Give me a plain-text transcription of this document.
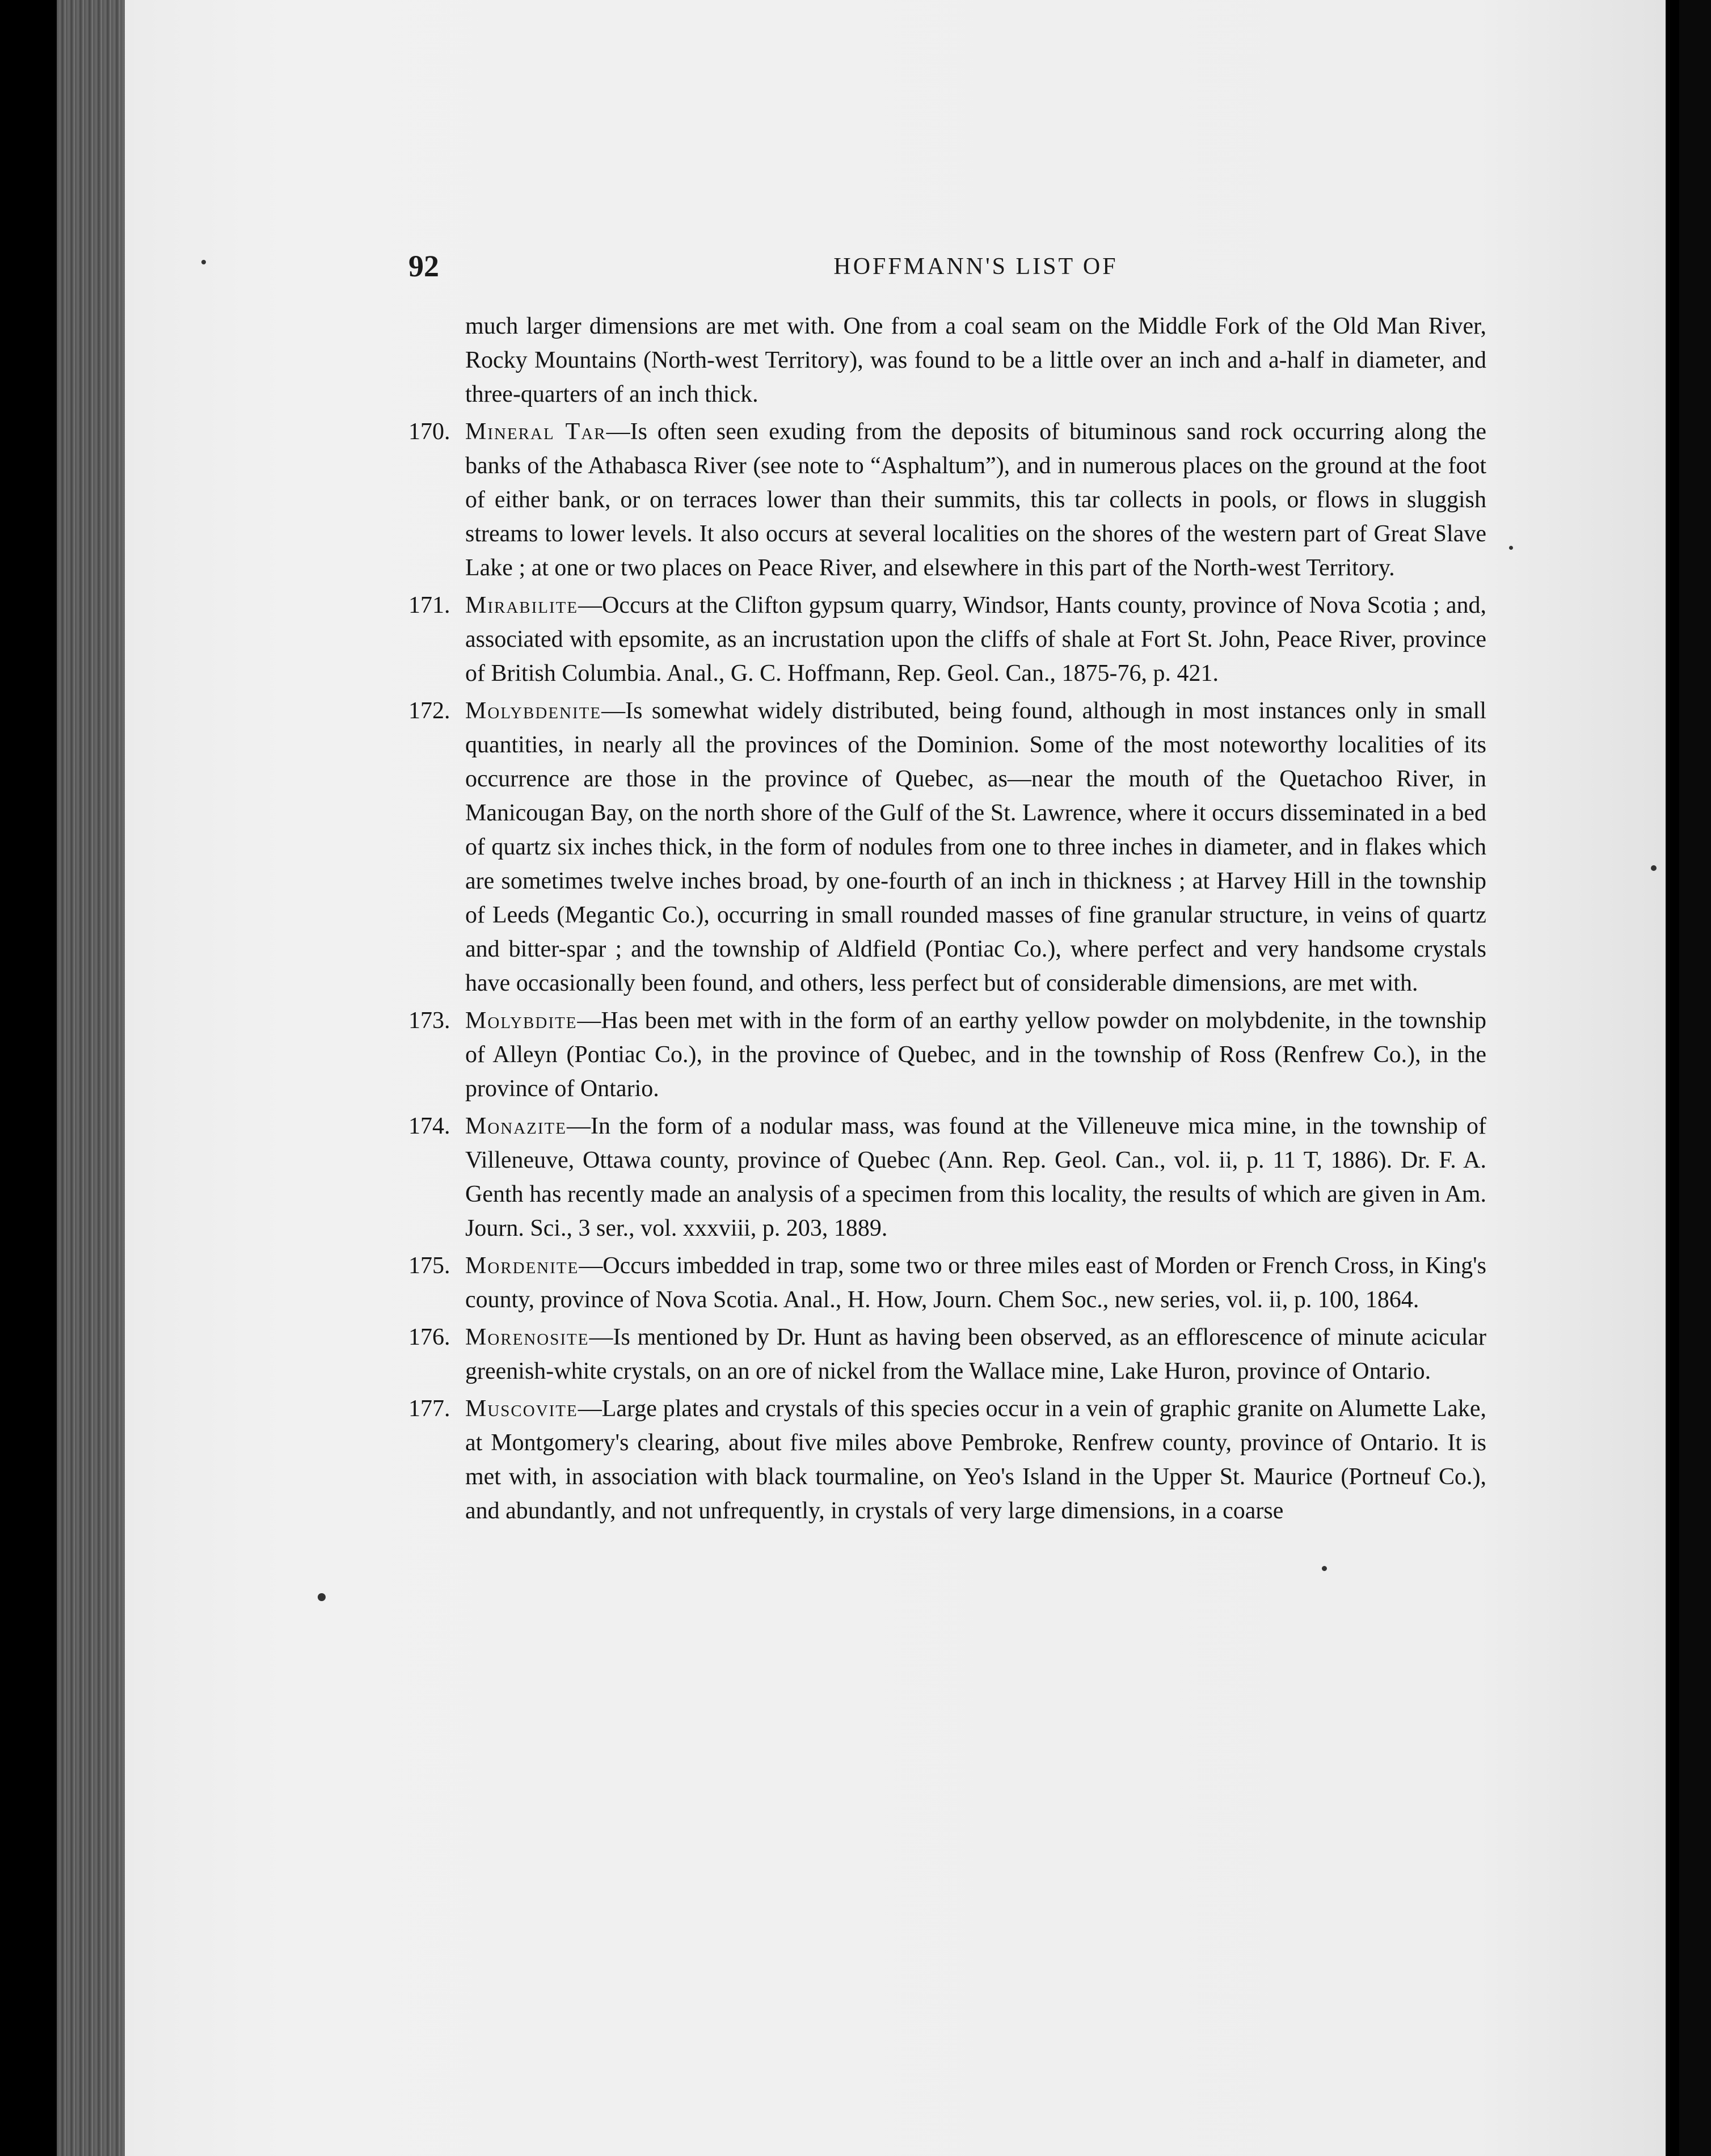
92	HOFFMANN'S LIST OF

much larger dimensions are met with. One from a coal seam on the Middle Fork of the Old Man River, Rocky Mountains (North-west Territory), was found to be a little over an inch and a-half in diameter, and three-quarters of an inch thick.

170. Mineral Tar—Is often seen exuding from the deposits of bituminous sand rock occurring along the banks of the Athabasca River (see note to “Asphaltum”), and in numerous places on the ground at the foot of either bank, or on terraces lower than their summits, this tar collects in pools, or flows in sluggish streams to lower levels. It also occurs at several localities on the shores of the western part of Great Slave Lake ; at one or two places on Peace River, and elsewhere in this part of the North-west Territory.

171. Mirabilite—Occurs at the Clifton gypsum quarry, Windsor, Hants county, province of Nova Scotia ; and, associated with epsomite, as an incrustation upon the cliffs of shale at Fort St. John, Peace River, province of British Columbia. Anal., G. C. Hoffmann, Rep. Geol. Can., 1875-76, p. 421.

172. Molybdenite—Is somewhat widely distributed, being found, although in most instances only in small quantities, in nearly all the provinces of the Dominion. Some of the most noteworthy localities of its occurrence are those in the province of Quebec, as—near the mouth of the Quetachoo River, in Manicougan Bay, on the north shore of the Gulf of the St. Lawrence, where it occurs disseminated in a bed of quartz six inches thick, in the form of nodules from one to three inches in diameter, and in flakes which are sometimes twelve inches broad, by one-fourth of an inch in thickness ; at Harvey Hill in the township of Leeds (Megantic Co.), occurring in small rounded masses of fine granular structure, in veins of quartz and bitter-spar ; and the township of Aldfield (Pontiac Co.), where perfect and very handsome crystals have occasionally been found, and others, less perfect but of considerable dimensions, are met with.

173. Molybdite—Has been met with in the form of an earthy yellow powder on molybdenite, in the township of Alleyn (Pontiac Co.), in the province of Quebec, and in the township of Ross (Renfrew Co.), in the province of Ontario.

174. Monazite—In the form of a nodular mass, was found at the Villeneuve mica mine, in the township of Villeneuve, Ottawa county, province of Quebec (Ann. Rep. Geol. Can., vol. ii, p. 11 T, 1886). Dr. F. A. Genth has recently made an analysis of a specimen from this locality, the results of which are given in Am. Journ. Sci., 3 ser., vol. xxxviii, p. 203, 1889.

175. Mordenite—Occurs imbedded in trap, some two or three miles east of Morden or French Cross, in King's county, province of Nova Scotia. Anal., H. How, Journ. Chem Soc., new series, vol. ii, p. 100, 1864.

176. Morenosite—Is mentioned by Dr. Hunt as having been observed, as an efflorescence of minute acicular greenish-white crystals, on an ore of nickel from the Wallace mine, Lake Huron, province of Ontario.

177. Muscovite—Large plates and crystals of this species occur in a vein of graphic granite on Alumette Lake, at Montgomery's clearing, about five miles above Pembroke, Renfrew county, province of Ontario. It is met with, in association with black tourmaline, on Yeo's Island in the Upper St. Maurice (Portneuf Co.), and abundantly, and not unfrequently, in crystals of very large dimensions, in a coarse
